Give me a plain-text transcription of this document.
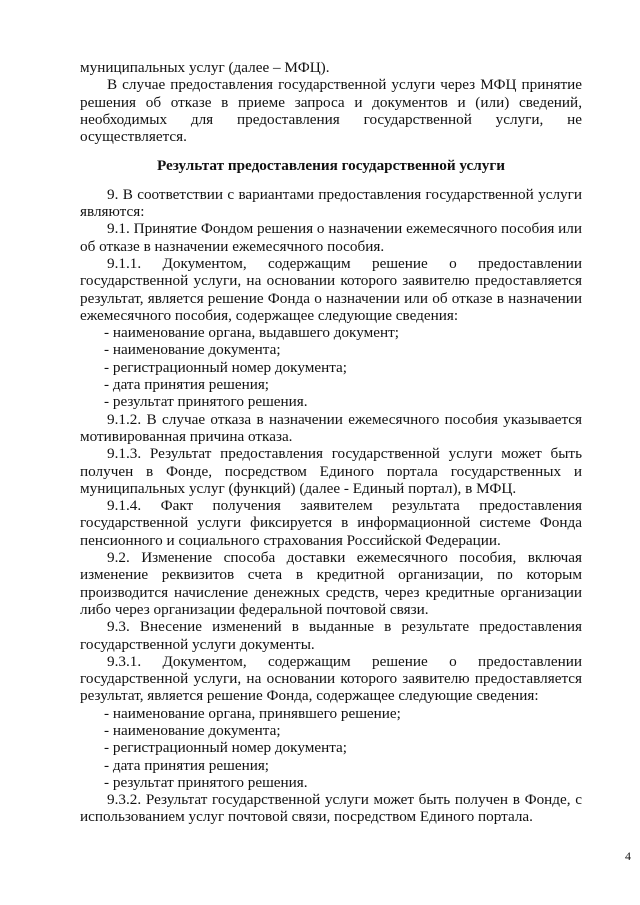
муниципальных услуг (далее – МФЦ).

В случае предоставления государственной услуги через МФЦ принятие решения об отказе в приеме запроса и документов и (или) сведений, необходимых для предоставления государственной услуги, не осуществляется.

Результат предоставления государственной услуги

9. В соответствии с вариантами предоставления государственной услуги являются:

9.1. Принятие Фондом решения о назначении ежемесячного пособия или об отказе в назначении ежемесячного пособия.

9.1.1. Документом, содержащим решение о предоставлении государственной услуги, на основании которого заявителю предоставляется результат, является решение Фонда о назначении или об отказе в назначении ежемесячного пособия, содержащее следующие сведения:

- наименование органа, выдавшего документ;

- наименование документа;

- регистрационный номер документа;

- дата принятия решения;

- результат принятого решения.

9.1.2. В случае отказа в назначении ежемесячного пособия указывается мотивированная причина отказа.

9.1.3. Результат предоставления государственной услуги может быть получен в Фонде, посредством Единого портала государственных и муниципальных услуг (функций) (далее - Единый портал), в МФЦ.

9.1.4. Факт получения заявителем результата предоставления государственной услуги фиксируется в информационной системе Фонда пенсионного и социального страхования Российской Федерации.

9.2. Изменение способа доставки ежемесячного пособия, включая изменение реквизитов счета в кредитной организации, по которым производится начисление денежных средств, через кредитные организации либо через организации федеральной почтовой связи.

9.3. Внесение изменений в выданные в результате предоставления государственной услуги документы.

9.3.1. Документом, содержащим решение о предоставлении государственной услуги, на основании которого заявителю предоставляется результат, является решение Фонда, содержащее следующие сведения:

- наименование органа, принявшего решение;

- наименование документа;

- регистрационный номер документа;

- дата принятия решения;

- результат принятого решения.

9.3.2. Результат государственной услуги может быть получен в Фонде, с использованием услуг почтовой связи, посредством Единого портала.

4
